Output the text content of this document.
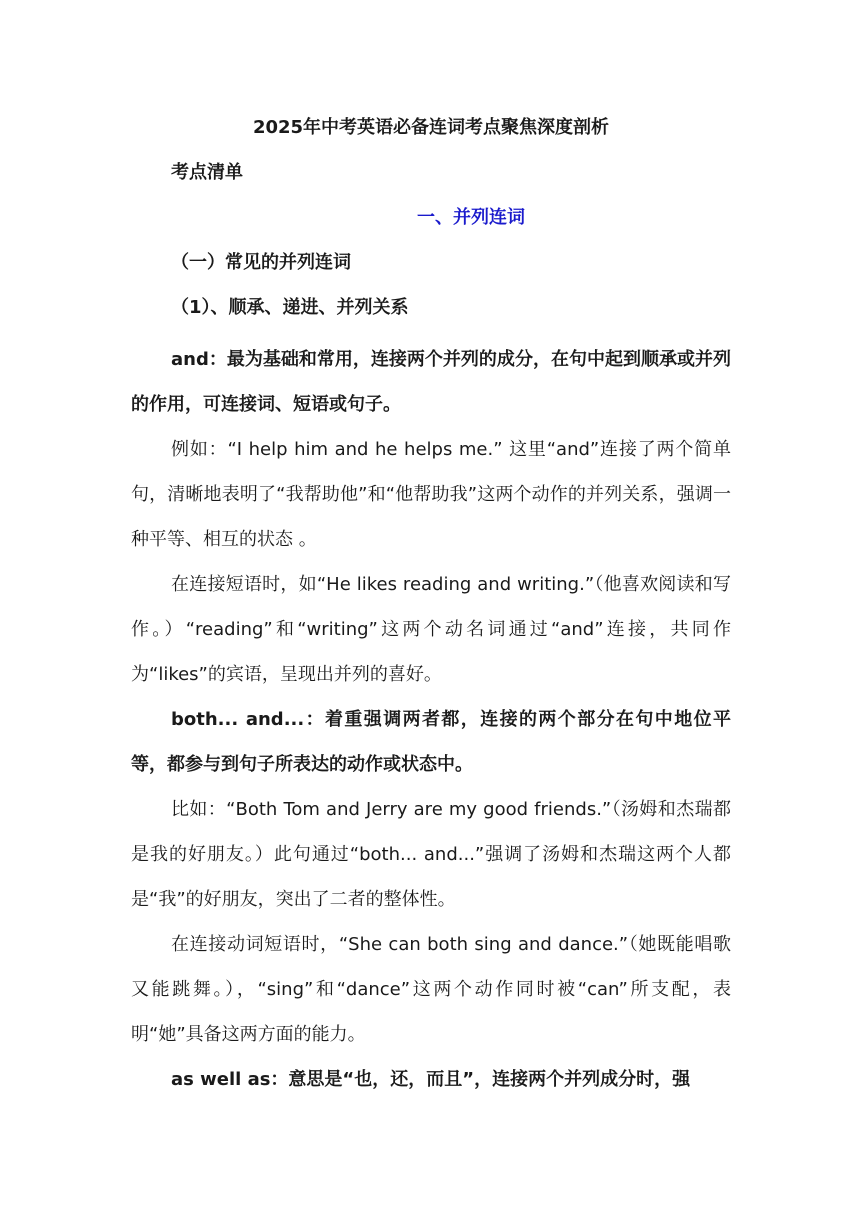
2025年中考英语必备连词考点聚焦深度剖析

考点清单

一、并列连词

（一）常见的并列连词

（1）、顺承、递进、并列关系

and：最为基础和常用，连接两个并列的成分，在句中起到顺承或并列的作用，可连接词、短语或句子。

例如：“I help him and he helps me.” 这里“and”连接了两个简单句，清晰地表明了“我帮助他”和“他帮助我”这两个动作的并列关系，强调一种平等、相互的状态 。

在连接短语时，如“He likes reading and writing.”（他喜欢阅读和写作。）“reading”和“writing”这两个动名词通过“and”连接，共同作为“likes”的宾语，呈现出并列的喜好。

both... and...：着重强调两者都，连接的两个部分在句中地位平等，都参与到句子所表达的动作或状态中。

比如：“Both Tom and Jerry are my good friends.”（汤姆和杰瑞都是我的好朋友。）此句通过“both... and...”强调了汤姆和杰瑞这两个人都是“我”的好朋友，突出了二者的整体性。

在连接动词短语时，“She can both sing and dance.”（她既能唱歌又能跳舞。），“sing”和“dance”这两个动作同时被“can”所支配，表明“她”具备这两方面的能力。

as well as：意思是“也，还，而且”，连接两个并列成分时，强
